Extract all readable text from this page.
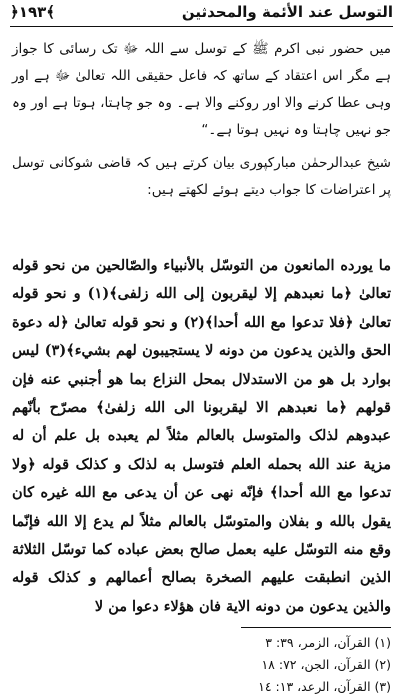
التوسل عند الأئمة والمحدثين
﴿۱۹۳﴾

میں حضور نبی اکرم ﷺ کے توسل سے اللہ ﷻ تک رسائی کا جواز ہے مگر اس اعتقاد کے ساتھ کہ فاعل حقیقی اللہ تعالیٰ ﷻ ہے اور وہی عطا کرنے والا اور روکنے والا ہے۔ وہ جو چاہتا، ہوتا ہے اور وہ جو نہیں چاہتا وہ نہیں ہوتا ہے۔“

شیخ عبدالرحمٰن مبارکپوری بیان کرتے ہیں کہ قاضی شوکانی توسل پر اعتراضات کا جواب دیتے ہوئے لکھتے ہیں:

ما يورده المانعون من التوسّل بالأنبياء والصّالحين من نحو قوله تعالىٰ ﴿ما نعبدهم إلا ليقربون إلى الله زلفى﴾(١) و نحو قوله تعالىٰ ﴿فلا تدعوا مع الله أحدا﴾(٢) و نحو قوله تعالىٰ ﴿له دعوة الحق والذين يدعون من دونه لا يستجيبون لهم بشيء﴾(٣) ليس بوارد بل هو من الاستدلال بمحل النزاع بما هو أجنبي عنه فإن قولهم ﴿ما نعبدهم الا ليقربونا الى الله زلفىٰ﴾ مصرّح بأنّهم عبدوهم لذلک والمتوسل بالعالم مثلاً لم يعبده بل علم أن له مزية عند الله بحمله العلم فتوسل به لذلک و کذلک قوله ﴿ولا تدعوا مع الله أحدا﴾ فإنّه نهى عن أن يدعى مع الله غيره كان يقول بالله و بفلان والمتوسّل بالعالم مثلاً لم يدع إلا الله فإنّما وقع منه التوسّل عليه بعمل صالح بعض عباده کما توسّل الثلاثة الذين انطبقت عليهم الصخرة بصالح أعمالهم و کذلک قوله والذين يدعون من دونه الاية فان هؤلاء دعوا من لا

(١) القرآن، الزمر، ٣٩: ٣
(٢) القرآن، الجن، ٧٢: ١٨
(٣) القرآن، الرعد، ١٣: ١٤
